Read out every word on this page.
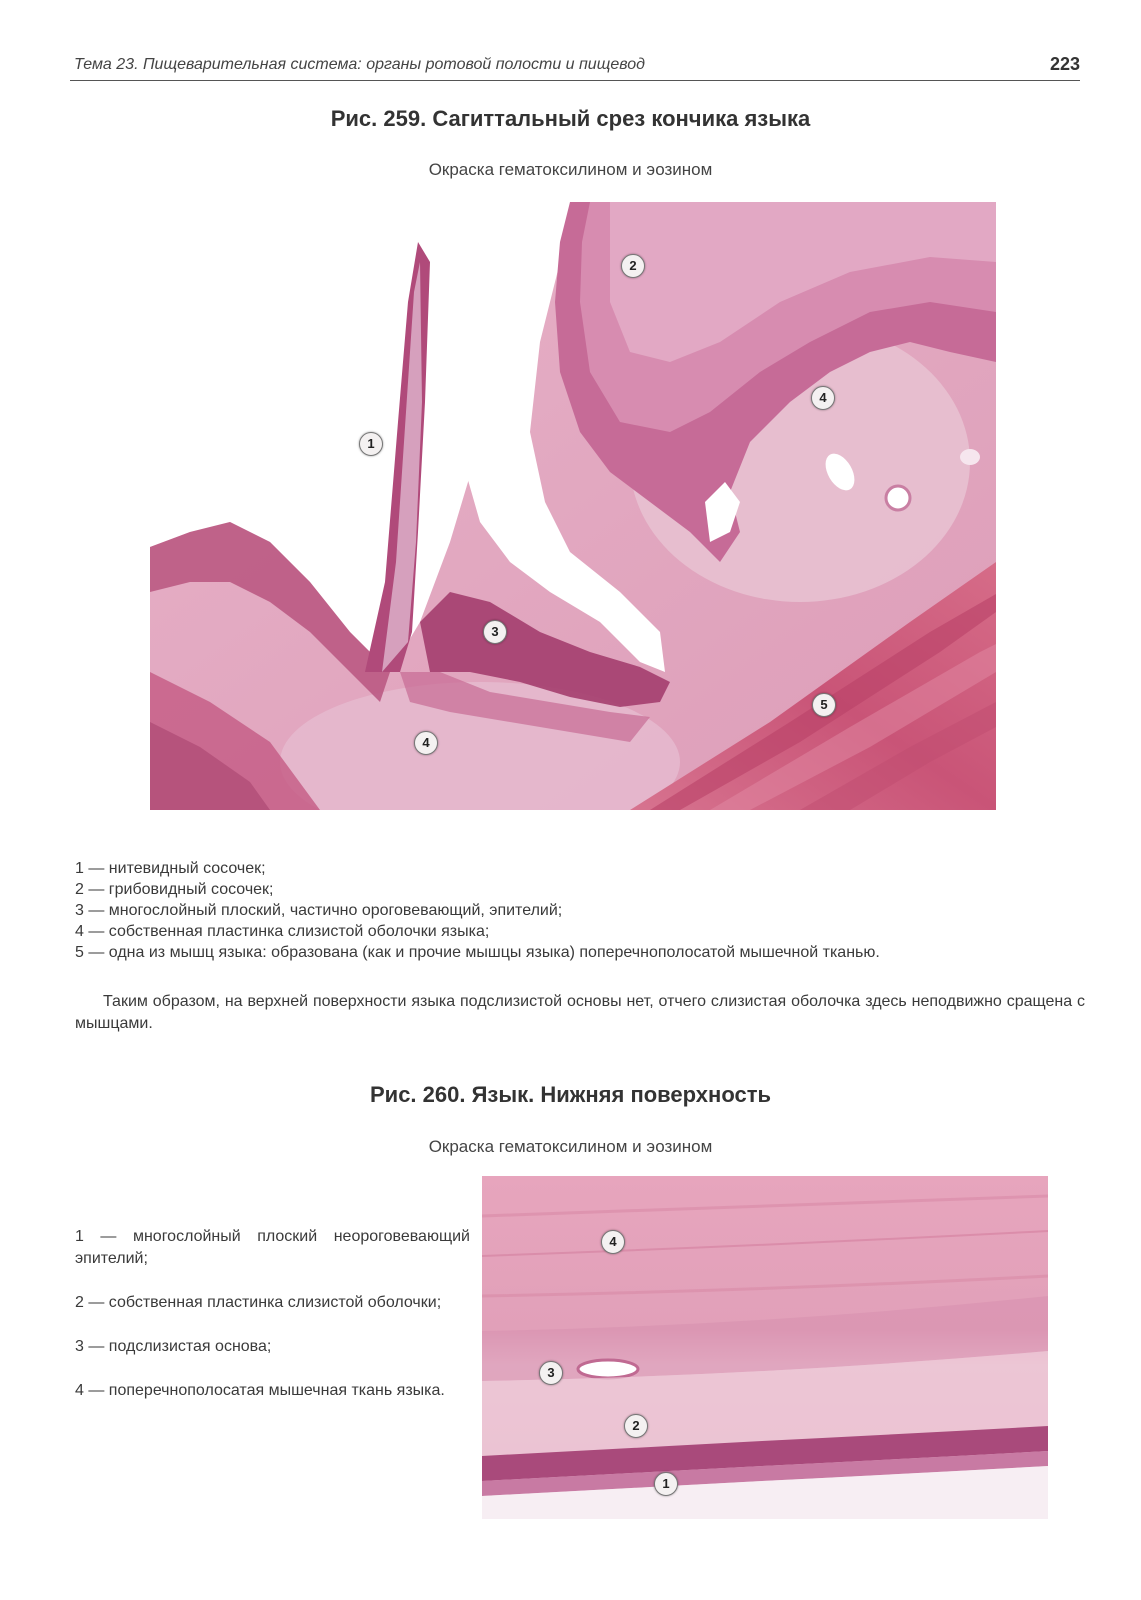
Тема 23. Пищеварительная система: органы ротовой полости и пищевод	223
Рис. 259. Сагиттальный срез кончика языка
Окраска гематоксилином и эозином
1
2
3
4
4
5
1 — нитевидный сосочек;
2 — грибовидный сосочек;
3 — многослойный плоский, частично ороговевающий, эпителий;
4 — собственная пластинка слизистой оболочки языка;
5 — одна из мышц языка: образована (как и прочие мышцы языка) поперечнополосатой мышечной тканью.
Таким образом, на верхней поверхности языка подслизистой основы нет, отчего слизистая оболочка здесь неподвижно сращена с мышцами.
Рис. 260. Язык. Нижняя поверхность
Окраска гематоксилином и эозином
1 — многослойный плоский неороговевающий эпителий;
2 — собственная пластинка слизистой оболочки;
3 — подслизистая основа;
4 — поперечнополосатая мышечная ткань языка.
4
3
2
1
